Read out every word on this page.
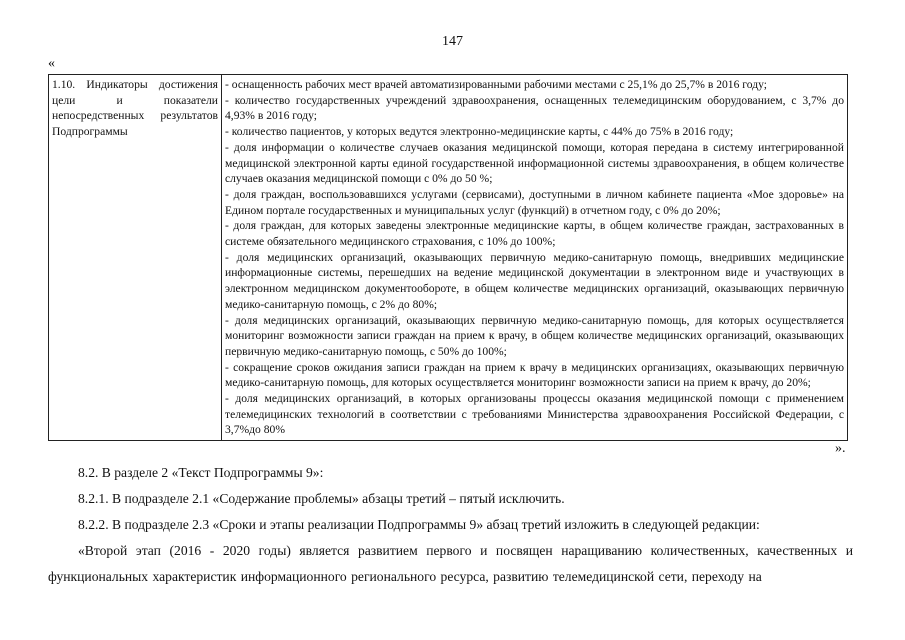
147
«
1.10. Индикаторы достижения цели и показатели непосредственных результатов Подпрограммы	
- оснащенность рабочих мест врачей автоматизированными рабочими местами с 25,1% до 25,7% в 2016 году;
- количество государственных учреждений здравоохранения, оснащенных телемедицинским оборудованием, с 3,7% до 4,93% в 2016 году;
- количество пациентов, у которых ведутся электронно-медицинские карты, с 44% до 75% в 2016 году;
- доля информации о количестве случаев оказания медицинской помощи, которая передана в систему интегрированной медицинской электронной карты единой государственной информационной системы здравоохранения, в общем количестве случаев оказания медицинской помощи с 0% до 50 %;
- доля граждан, воспользовавшихся услугами (сервисами), доступными в личном кабинете пациента «Мое здоровье» на Едином портале государственных и муниципальных услуг (функций) в отчетном году, с 0% до 20%;
- доля граждан, для которых заведены электронные медицинские карты, в общем количестве граждан, застрахованных в системе обязательного медицинского страхования, с 10% до 100%;
- доля медицинских организаций, оказывающих первичную медико-санитарную помощь, внедривших медицинские информационные системы, перешедших на ведение медицинской документации в электронном виде и участвующих в электронном медицинском документообороте, в общем количестве медицинских организаций, оказывающих первичную медико-санитарную помощь, с 2% до 80%;
- доля медицинских организаций, оказывающих первичную медико-санитарную помощь, для которых осуществляется мониторинг возможности записи граждан на прием к врачу, в общем количестве медицинских организаций, оказывающих первичную медико-санитарную помощь, с 50% до 100%;
- сокращение сроков ожидания записи граждан на прием к врачу в медицинских организациях, оказывающих первичную медико-санитарную помощь, для которых осуществляется мониторинг возможности записи на прием к врачу, до 20%;
- доля медицинских организаций, в которых организованы процессы оказания медицинской помощи с применением телемедицинских технологий в соответствии с требованиями Министерства здравоохранения Российской Федерации, с 3,7%до 80%
».

8.2. В разделе 2 «Текст Подпрограммы 9»:

8.2.1. В подразделе 2.1 «Содержание проблемы» абзацы третий – пятый исключить.

8.2.2. В подразделе 2.3 «Сроки и этапы реализации Подпрограммы 9» абзац третий изложить в следующей редакции:

«Второй этап (2016 - 2020 годы) является развитием первого и посвящен наращиванию количественных, качественных и функциональных характеристик информационного регионального ресурса, развитию телемедицинской сети, переходу на
